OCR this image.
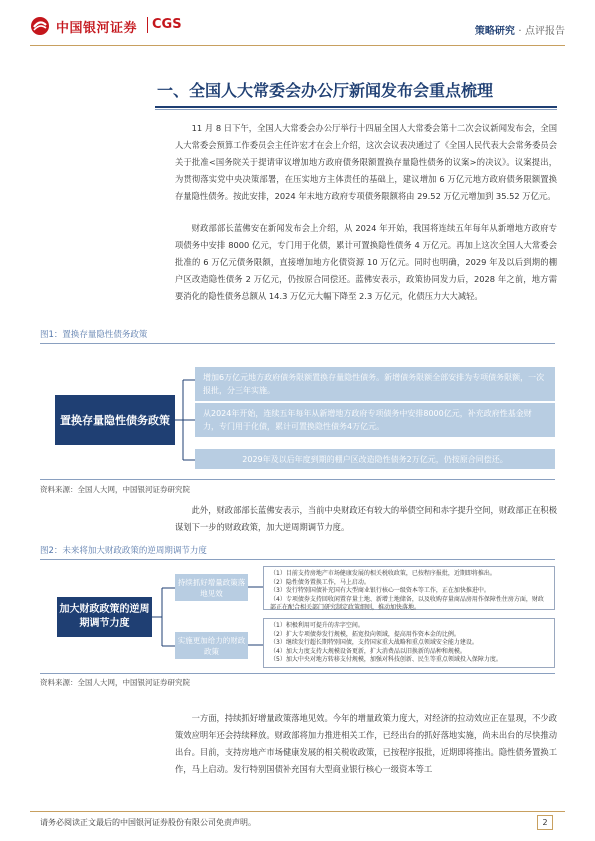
中国银河证券 CGS	策略研究 · 点评报告
一、全国人大常委会办公厅新闻发布会重点梳理
11 月 8 日下午，全国人大常委会办公厅举行十四届全国人大常委会第十二次会议新闻发布会，全国人大常委会预算工作委员会主任许宏才在会上介绍，这次会议表决通过了《全国人民代表大会常务委员会关于批准<国务院关于提请审议增加地方政府债务限额置换存量隐性债务的议案>的决议》。议案提出，为贯彻落实党中央决策部署，在压实地方主体责任的基础上，建议增加 6 万亿元地方政府债务限额置换存量隐性债务。按此安排，2024 年末地方政府专项债务限额将由 29.52 万亿元增加到 35.52 万亿元。
财政部部长蓝佛安在新闻发布会上介绍，从 2024 年开始，我国将连续五年每年从新增地方政府专项债务中安排 8000 亿元，专门用于化债，累计可置换隐性债务 4 万亿元。再加上这次全国人大常委会批准的 6 万亿元债务限额，直接增加地方化债资源 10 万亿元。同时也明确，2029 年及以后到期的棚户区改造隐性债务 2 万亿元，仍按原合同偿还。蓝佛安表示，政策协同发力后，2028 年之前，地方需要消化的隐性债务总额从 14.3 万亿元大幅下降至 2.3 万亿元，化债压力大大减轻。
图1：置换存量隐性债务政策
置换存量隐性债务政策
增加6万亿元地方政府债务限额置换存量隐性债务。新增债务限额全部安排为专项债务限额，一次报批，分三年实施。
从2024年开始，连续五年每年从新增地方政府专项债务中安排8000亿元，补充政府性基金财力，专门用于化债，累计可置换隐性债务4万亿元。
2029年及以后年度到期的棚户区改造隐性债务2万亿元，仍按原合同偿还。
资料来源：全国人大网，中国银河证券研究院
此外，财政部部长蓝佛安表示，当前中央财政还有较大的举债空间和赤字提升空间，财政部正在积极谋划下一步的财政政策，加大逆周期调节力度。
图2：未来将加大财政政策的逆周期调节力度
加大财政政策的逆周期调节力度
持续抓好增量政策落地见效
实施更加给力的财政政策
（1）目前支持房地产市场健康发展的相关税收政策，已按程序报批，近期即将推出。
（2）隐性债务置换工作，马上启动。
（3）发行特别国债补充国有大型商业银行核心一级资本等工作，正在加快推进中。
（4）专项债券支持回收闲置存量土地、新增土地储备，以及收购存量商品房用作保障性住房方面，财政部正在配合相关部门研究制定政策细则，推动加快落地。
（1）积极利用可提升的赤字空间。
（2）扩大专项债券发行规模，拓宽投向领域，提高用作资本金的比例。
（3）继续发行超长期特别国债，支持国家重大战略和重点领域安全能力建设。
（4）加大力度支持大规模设备更新，扩大消费品以旧换新的品种和规模。
（5）加大中央对地方转移支付规模，加强对科技创新、民生等重点领域投入保障力度。
资料来源：全国人大网，中国银河证券研究院
一方面，持续抓好增量政策落地见效。今年的增量政策力度大，对经济的拉动效应正在显现，不少政策效应明年还会持续释放。财政部将加力推进相关工作，已经出台的抓好落地实施，尚未出台的尽快推动出台。目前，支持房地产市场健康发展的相关税收政策，已按程序报批，近期即将推出。隐性债务置换工作，马上启动。发行特别国债补充国有大型商业银行核心一级资本等工
请务必阅读正文最后的中国银河证券股份有限公司免责声明。	2
